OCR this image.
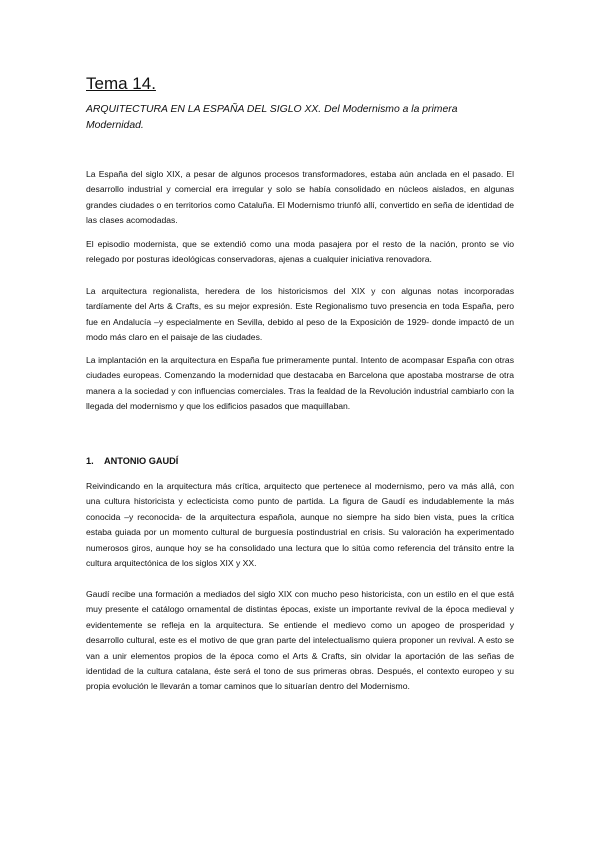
Tema 14.

ARQUITECTURA EN LA ESPAÑA DEL SIGLO XX. Del Modernismo a la primera Modernidad.

La España del siglo XIX, a pesar de algunos procesos transformadores, estaba aún anclada en el pasado. El desarrollo industrial y comercial era irregular y solo se había consolidado en núcleos aislados, en algunas grandes ciudades o en territorios como Cataluña. El Modernismo triunfó allí, convertido en seña de identidad de las clases acomodadas.

El episodio modernista, que se extendió como una moda pasajera por el resto de la nación, pronto se vio relegado por posturas ideológicas conservadoras, ajenas a cualquier iniciativa renovadora.

La arquitectura regionalista, heredera de los historicismos del XIX y con algunas notas incorporadas tardíamente del Arts & Crafts, es su mejor expresión. Este Regionalismo tuvo presencia en toda España, pero fue en Andalucía –y especialmente en Sevilla, debido al peso de la Exposición de 1929- donde impactó de un modo más claro en el paisaje de las ciudades.

La implantación en la arquitectura en España fue primeramente puntal. Intento de acompasar España con otras ciudades europeas. Comenzando la modernidad que destacaba en Barcelona que apostaba mostrarse de otra manera a la sociedad y con influencias comerciales. Tras la fealdad de la Revolución industrial cambiarlo con la llegada del modernismo y que los edificios pasados que maquillaban.

1. ANTONIO GAUDÍ

Reivindicando en la arquitectura más crítica, arquitecto que pertenece al modernismo, pero va más allá, con una cultura historicista y eclecticista como punto de partida. La figura de Gaudí es indudablemente la más conocida –y reconocida- de la arquitectura española, aunque no siempre ha sido bien vista, pues la crítica estaba guiada por un momento cultural de burguesía postindustrial en crisis. Su valoración ha experimentado numerosos giros, aunque hoy se ha consolidado una lectura que lo sitúa como referencia del tránsito entre la cultura arquitectónica de los siglos XIX y XX.

Gaudí recibe una formación a mediados del siglo XIX con mucho peso historicista, con un estilo en el que está muy presente el catálogo ornamental de distintas épocas, existe un importante revival de la época medieval y evidentemente se refleja en la arquitectura. Se entiende el medievo como un apogeo de prosperidad y desarrollo cultural, este es el motivo de que gran parte del intelectualismo quiera proponer un revival. A esto se van a unir elementos propios de la época como el Arts & Crafts, sin olvidar la aportación de las señas de identidad de la cultura catalana, éste será el tono de sus primeras obras. Después, el contexto europeo y su propia evolución le llevarán a tomar caminos que lo situarían dentro del Modernismo.
